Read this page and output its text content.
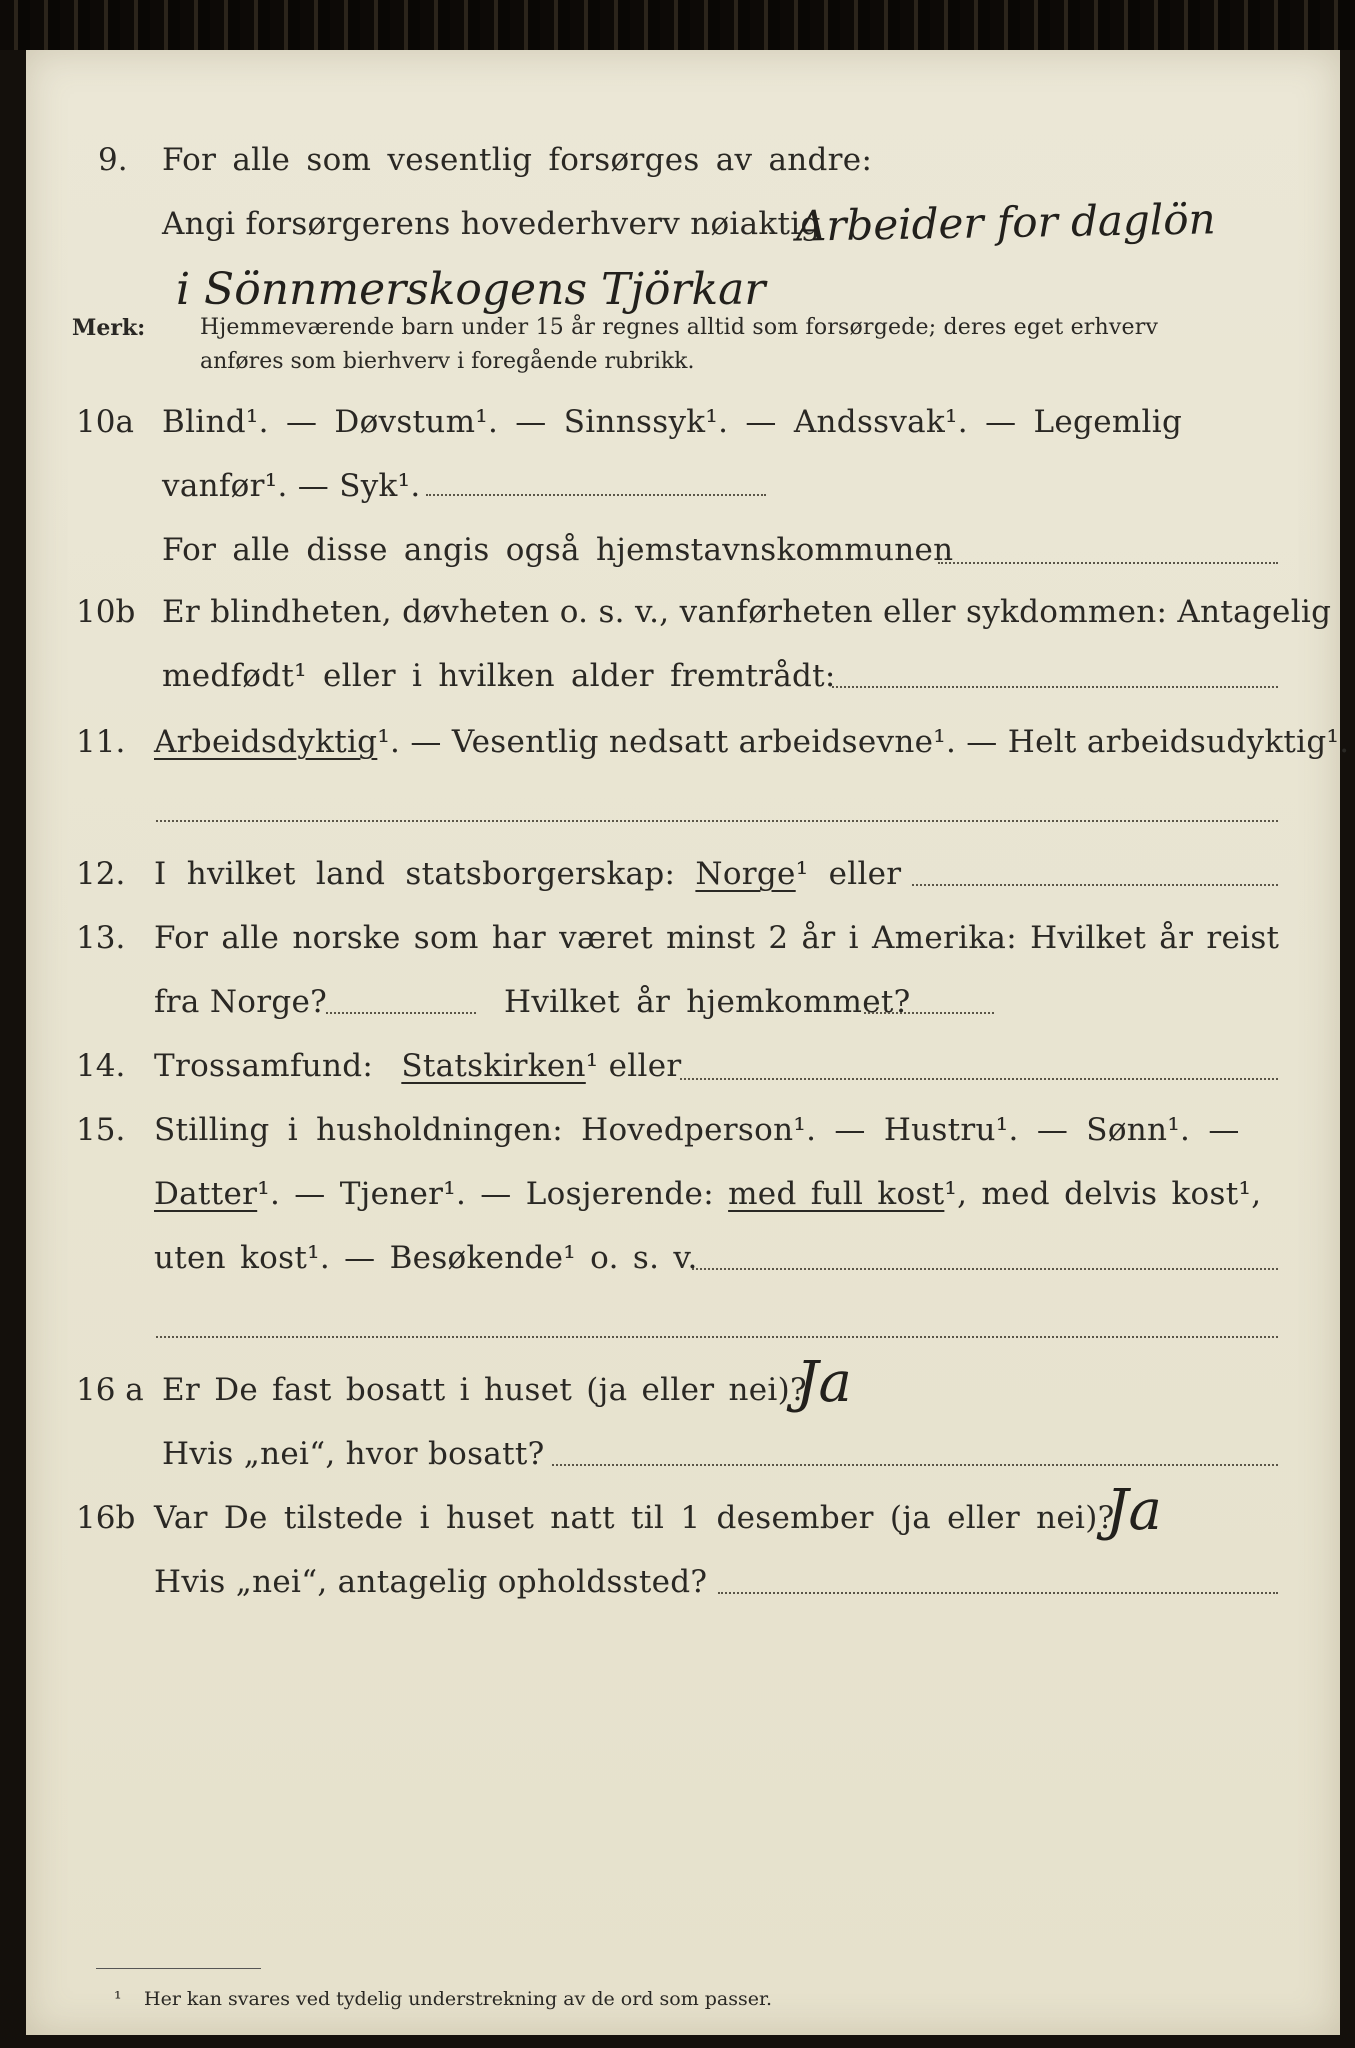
9. For alle som vesentlig forsørges av andre:
Angi forsørgerens hovederhverv nøiaktig
Arbeider for daglön
i Sönnmerskogens Tjörkar
Merk: Hjemmeværende barn under 15 år regnes alltid som forsørgede; deres eget erhverv
anføres som bierhverv i foregående rubrikk.
10a Blind¹. — Døvstum¹. — Sinnssyk¹. — Andssvak¹. — Legemlig
vanfør¹. — Syk¹.
For alle disse angis også hjemstavnskommunen
10b Er blindheten, døvheten o. s. v., vanførheten eller sykdommen: Antagelig
medfødt¹ eller i hvilken alder fremtrådt:
11. Arbeidsdyktig¹. — Vesentlig nedsatt arbeidsevne¹. — Helt arbeidsudyktig¹.
12. I hvilket land statsborgerskap: Norge¹ eller
13. For alle norske som har været minst 2 år i Amerika: Hvilket år reist
fra Norge?	Hvilket år hjemkommet?
14. Trossamfund: Statskirken¹ eller
15. Stilling i husholdningen: Hovedperson¹. — Hustru¹. — Sønn¹. —
Datter¹. — Tjener¹. — Losjerende: med full kost¹, med delvis kost¹,
uten kost¹. — Besøkende¹ o. s. v.
16 a Er De fast bosatt i huset (ja eller nei)?
Ja
Hvis „nei“, hvor bosatt?
16b Var De tilstede i huset natt til 1 desember (ja eller nei)?
Ja
Hvis „nei“, antagelig opholdssted?
¹ Her kan svares ved tydelig understrekning av de ord som passer.
